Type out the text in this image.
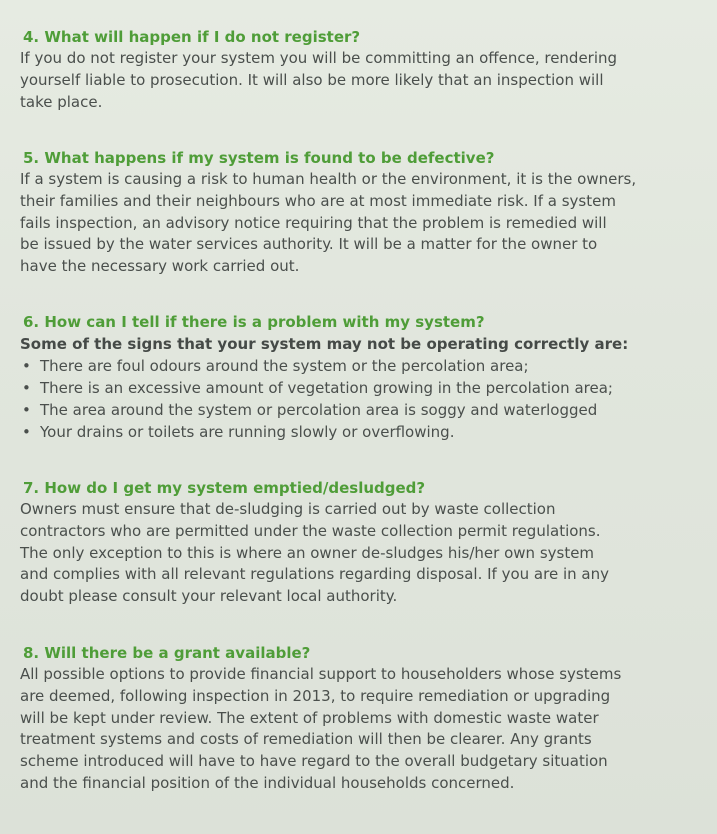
4. What will happen if I do not register?

If you do not register your system you will be committing an offence, rendering

yourself liable to prosecution. It will also be more likely that an inspection will

take place.

5. What happens if my system is found to be defective?

If a system is causing a risk to human health or the environment, it is the owners,

their families and their neighbours who are at most immediate risk. If a system

fails inspection, an advisory notice requiring that the problem is remedied will

be issued by the water services authority. It will be a matter for the owner to

have the necessary work carried out.

6. How can I tell if there is a problem with my system?

Some of the signs that your system may not be operating correctly are:

• There are foul odours around the system or the percolation area;
• There is an excessive amount of vegetation growing in the percolation area;
• The area around the system or percolation area is soggy and waterlogged
• Your drains or toilets are running slowly or overflowing.

7. How do I get my system emptied/desludged?

Owners must ensure that de-sludging is carried out by waste collection

contractors who are permitted under the waste collection permit regulations.

The only exception to this is where an owner de-sludges his/her own system

and complies with all relevant regulations regarding disposal. If you are in any

doubt please consult your relevant local authority.

8. Will there be a grant available?

All possible options to provide financial support to householders whose systems

are deemed, following inspection in 2013, to require remediation or upgrading

will be kept under review. The extent of problems with domestic waste water

treatment systems and costs of remediation will then be clearer. Any grants

scheme introduced will have to have regard to the overall budgetary situation

and the financial position of the individual households concerned.
